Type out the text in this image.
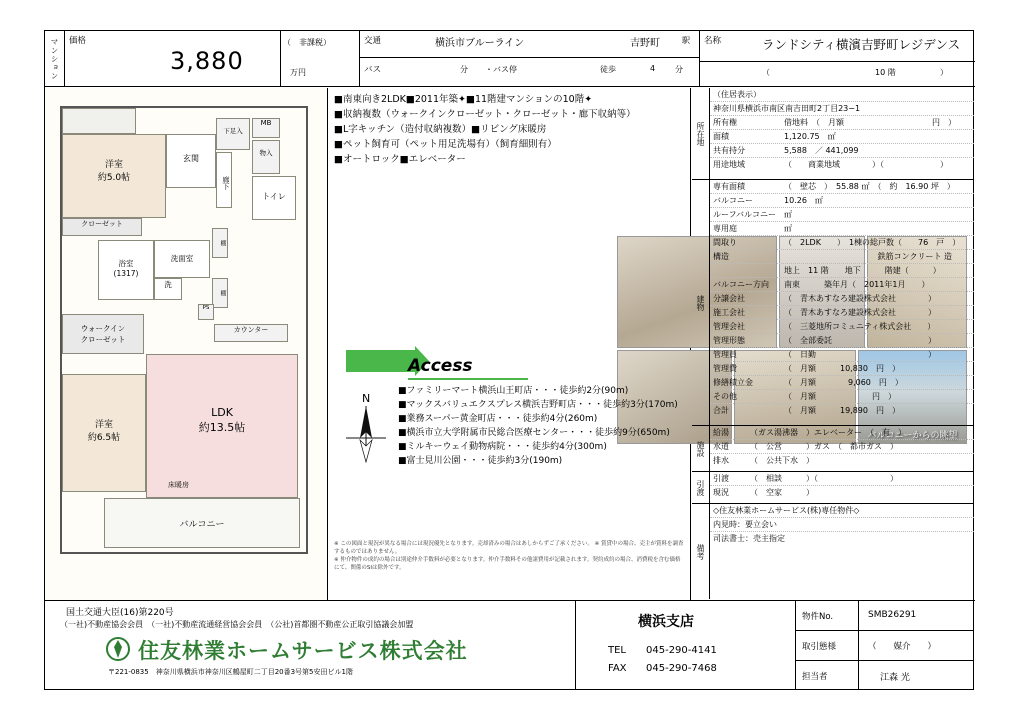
マンション	価格
3,880
（　非課税）
万円
交通	横浜市ブルーライン	吉野町	駅
バス	分 ・バス停	徒歩	4 分
名称	ランドシティ横濱吉野町レジデンス
（	10 階	）
洋室
約5.0帖
玄関
下足入
MB
物入
廊下
トイレ
クローゼット
浴室
(1317)
洗面室
洗
棚
棚
PS
ウォークイン
クローゼット
カウンター
LDK
約13.5帖
床暖房
洋室
約6.5帖
バルコニー
■南東向き2LDK■2011年築✦■11階建マンションの10階✦
■収納複数（ウォークインクローゼット・クローゼット・廊下収納等）
■L字キッチン（造付収納複数）■リビング床暖房
■ペット飼育可（ペット用足洗場有）（飼育細則有）
■オートロック■エレベーター
バルコニーからの眺望
Access
N
■ファミリーマート横浜山王町店・・・徒歩約2分(90m)
■マックスバリュエクスプレス横浜吉野町店・・・徒歩約3分(170m)
■業務スーパー黄金町店・・・徒歩約4分(260m)
■横浜市立大学附属市民総合医療センター・・・徒歩約9分(650m)
■ミルキーウェイ動物病院・・・徒歩約4分(300m)
■富士見川公園・・・徒歩約3分(190m)
※ この図面と現況が異なる場合には現況優先となります。売却済みの場合はあしからずご了承ください。 ※ 賞貸中の場合、売主が賞料を調査するものではありません。
※ 仲介物件の成約の場合は別途仲介手数料が必要となります。仲介手数料その他諸費用が記載されます。契約成約の場合、消費税を含む価格にて、関係のSIは除外です。
所在地
（住居表示）
神奈川県横浜市南区南吉田町2丁目23−1
所有権	借地料　（　月額　　　　　　　　　　　円　）
面積	1,120.75　㎡
共有持分	5,588　／ 441,099
用途地域	（　　商業地域　　　　）（　　　　　　　）
建物
専有面積	（　壁芯　）　55.88 ㎡　（　約　16.90 坪　）
バルコニー	10.26　㎡
ルーフバルコニー	㎡
専用庭	㎡
間取り	（　2LDK　　）　1棟の総戸数（　　76　戸　）
構造	鉄筋コンクリート 造
地上　11 階　　地下　　　階建（　　　）
バルコニー方向	南東　　　築年月（　2011年1月　　）
分譲会社	（　青木あすなろ建設株式会社　　　　）
施工会社	（　青木あすなろ建設株式会社　　　　）
管理会社	（　三菱地所コミュニティ株式会社　　）
管理形態	（　全部委託　　　　　　　　　　　　）
管理員	（　日勤　　　　　　　　　　　　　　）
管理費	（　月額　　　10,830　円　）
修繕積立金	（　月額　　　　9,060　円　）
その他	（　月額　　　　　　　円　）
合計	（　月額　　　19,890　円　）
施設
給湯	（ガス湯沸器　）エレベーター　（　有　）
水道	（　公営　　　）ガス　（　都市ガス　）
排水	（　公共下水　）
引渡
引渡	（　相談　　　）（　　　　　　　　　）
現況	（　空家　　　）
備考
◇住友林業ホームサービス(株)専任物件◇
内見時：要立会い
司法書士：売主指定
国土交通大臣(16)第220号
（一社)不動産協会会員　（一社)不動産流通経営協会会員　（公社)首都圏不動産公正取引協議会加盟
住友林業ホームサービス株式会社
〒221-0835　神奈川県横浜市神奈川区鶴屋町二丁目20番3号第5安田ビル1階
横浜支店
TEL 045-290-4141
FAX 045-290-7468
物件No.	SMB26291
取引態様	（　　媒介　　）
担当者	江森 光
